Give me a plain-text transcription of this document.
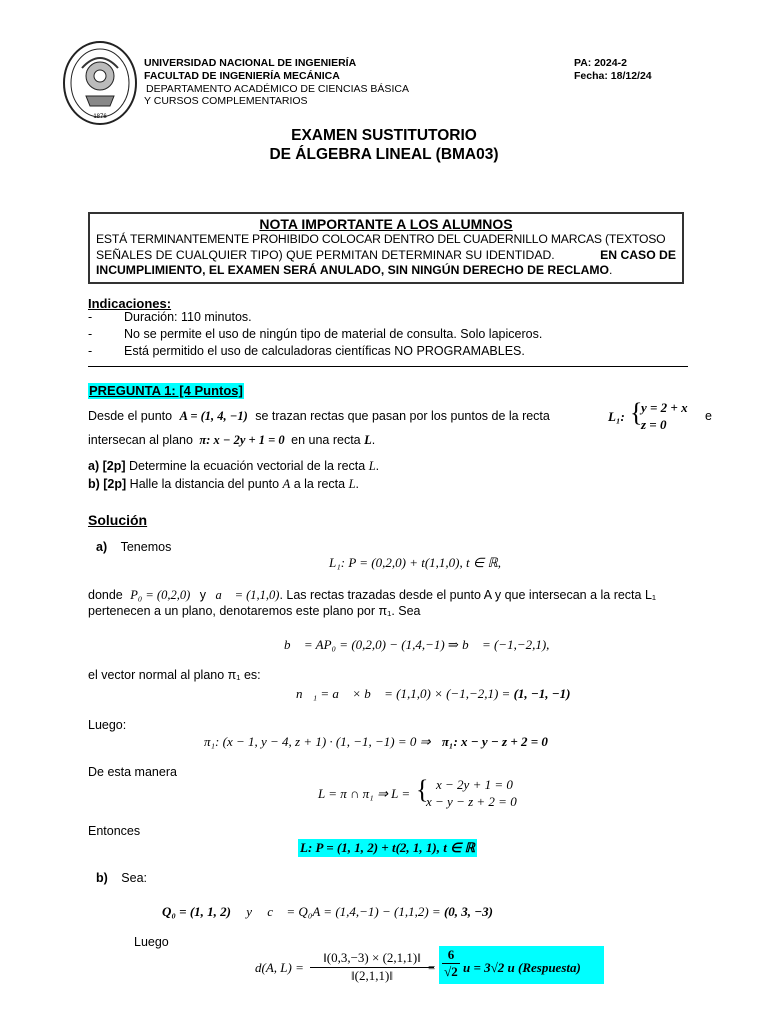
1876
UNIVERSIDAD NACIONAL DE INGENIERÍA
FACULTAD DE INGENIERÍA MECÁNICA
DEPARTAMENTO ACADÉMICO DE CIENCIAS BÁSICA
Y CURSOS COMPLEMENTARIOS
PA: 2024-2
Fecha: 18/12/24
EXAMEN SUSTITUTORIO
DE ÁLGEBRA LINEAL (BMA03)
NOTA IMPORTANTE A LOS ALUMNOS
ESTÁ TERMINANTEMENTE PROHIBIDO COLOCAR DENTRO DEL CUADERNILLO MARCAS (TEXTOSO
SEÑALES DE CUALQUIER TIPO) QUE PERMITAN DETERMINAR SU IDENTIDAD.	EN CASO DE
INCUMPLIMIENTO, EL EXAMEN SERÁ ANULADO, SIN NINGÚN DERECHO DE RECLAMO.
Indicaciones:
-	Duración: 110 minutos.
-	No se permite el uso de ningún tipo de material de consulta. Solo lapiceros.
-	Está permitido el uso de calculadoras científicas NO PROGRAMABLES.
PREGUNTA 1: [4 Puntos]
Desde el punto A = (1, 4, −1) se trazan rectas que pasan por los puntos de la recta	L₁: {
y = 2 + x
z = 0
e
intersecan al plano π: x − 2y + 1 = 0 en una recta L.
a) [2p] Determine la ecuación vectorial de la recta L.
b) [2p] Halle la distancia del punto A a la recta L.
Solución
a) Tenemos
L₁: P = (0,2,0) + t(1,1,0), t ∈ ℝ,
donde P₀ = (0,2,0) y a⃗ = (1,1,0). Las rectas trazadas desde el punto A y que intersecan a la recta L₁
pertenecen a un plano, denotaremos este plano por π₁. Sea
b⃗ = AP₀ = (0,2,0) − (1,4,−1) ⇒ b⃗ = (−1,−2,1),
el vector normal al plano π₁ es:
n⃗₁ = a⃗ × b⃗ = (1,1,0) × (−1,−2,1) = (1, −1, −1)
Luego:
π₁: (x − 1, y − 4, z + 1) · (1, −1, −1) = 0 ⇒ π₁: x − y − z + 2 = 0
De esta manera
L = π ∩ π₁ ⇒ L = { x − 2y + 1 = 0
x − y − z + 2 = 0
Entonces
L: P = (1, 1, 2) + t(2, 1, 1), t ∈ ℝ
b) Sea:
Q₀ = (1, 1, 2) y c⃗ = Q₀A = (1,4,−1) − (1,1,2) = (0, 3, −3)
Luego
d(A, $L) = \frac{‖(0,3,-3) \times (2,1,1)‖}{‖(2,1,1)‖}$
= $\frac{6}{√2}$ u = 3√2 u (Respuesta)
